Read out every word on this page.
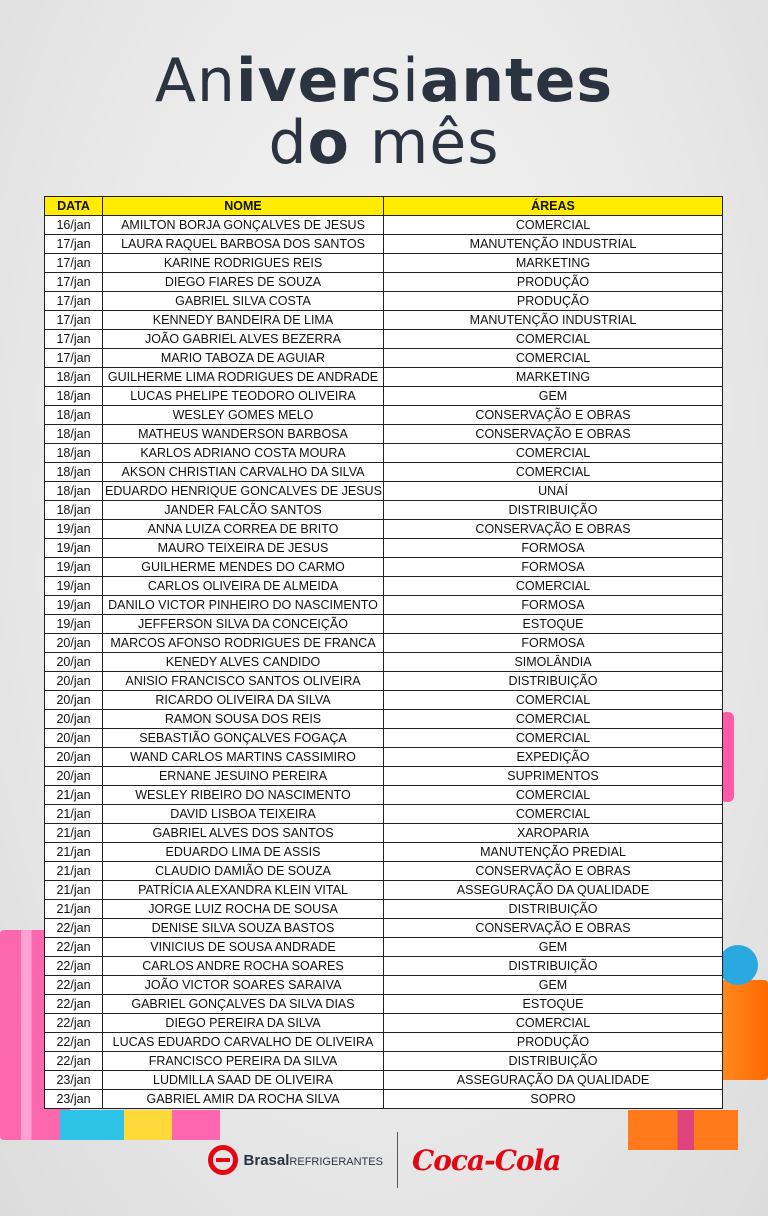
Aniversiantes
do mês
DATA	NOME	ÁREAS
16/jan	AMILTON BORJA GONÇALVES DE JESUS	COMERCIAL
17/jan	LAURA RAQUEL BARBOSA DOS SANTOS	MANUTENÇÃO INDUSTRIAL
17/jan	KARINE RODRIGUES REIS	MARKETING
17/jan	DIEGO FIARES DE SOUZA	PRODUÇÃO
17/jan	GABRIEL SILVA COSTA	PRODUÇÃO
17/jan	KENNEDY BANDEIRA DE LIMA	MANUTENÇÃO INDUSTRIAL
17/jan	JOÃO GABRIEL ALVES BEZERRA	COMERCIAL
17/jan	MARIO TABOZA DE AGUIAR	COMERCIAL
18/jan	GUILHERME LIMA RODRIGUES DE ANDRADE	MARKETING
18/jan	LUCAS PHELIPE TEODORO OLIVEIRA	GEM
18/jan	WESLEY GOMES MELO	CONSERVAÇÃO E OBRAS
18/jan	MATHEUS WANDERSON BARBOSA	CONSERVAÇÃO E OBRAS
18/jan	KARLOS ADRIANO COSTA MOURA	COMERCIAL
18/jan	AKSON CHRISTIAN CARVALHO DA SILVA	COMERCIAL
18/jan	EDUARDO HENRIQUE GONCALVES DE JESUS	UNAÍ
18/jan	JANDER FALCÃO SANTOS	DISTRIBUIÇÃO
19/jan	ANNA LUIZA CORREA DE BRITO	CONSERVAÇÃO E OBRAS
19/jan	MAURO TEIXEIRA DE JESUS	FORMOSA
19/jan	GUILHERME MENDES DO CARMO	FORMOSA
19/jan	CARLOS OLIVEIRA DE ALMEIDA	COMERCIAL
19/jan	DANILO VICTOR PINHEIRO DO NASCIMENTO	FORMOSA
19/jan	JEFFERSON SILVA DA CONCEIÇÃO	ESTOQUE
20/jan	MARCOS AFONSO RODRIGUES DE FRANCA	FORMOSA
20/jan	KENEDY ALVES CANDIDO	SIMOLÂNDIA
20/jan	ANISIO FRANCISCO SANTOS OLIVEIRA	DISTRIBUIÇÃO
20/jan	RICARDO OLIVEIRA DA SILVA	COMERCIAL
20/jan	RAMON SOUSA DOS REIS	COMERCIAL
20/jan	SEBASTIÃO GONÇALVES FOGAÇA	COMERCIAL
20/jan	WAND CARLOS MARTINS CASSIMIRO	EXPEDIÇÃO
20/jan	ERNANE JESUINO PEREIRA	SUPRIMENTOS
21/jan	WESLEY RIBEIRO DO NASCIMENTO	COMERCIAL
21/jan	DAVID LISBOA TEIXEIRA	COMERCIAL
21/jan	GABRIEL ALVES DOS SANTOS	XAROPARIA
21/jan	EDUARDO LIMA DE ASSIS	MANUTENÇÃO PREDIAL
21/jan	CLAUDIO DAMIÃO DE SOUZA	CONSERVAÇÃO E OBRAS
21/jan	PATRÍCIA ALEXANDRA KLEIN VITAL	ASSEGURAÇÃO DA QUALIDADE
21/jan	JORGE LUIZ ROCHA DE SOUSA	DISTRIBUIÇÃO
22/jan	DENISE SILVA SOUZA BASTOS	CONSERVAÇÃO E OBRAS
22/jan	VINICIUS DE SOUSA ANDRADE	GEM
22/jan	CARLOS ANDRE ROCHA SOARES	DISTRIBUIÇÃO
22/jan	JOÃO VICTOR SOARES SARAIVA	GEM
22/jan	GABRIEL GONÇALVES DA SILVA DIAS	ESTOQUE
22/jan	DIEGO PEREIRA DA SILVA	COMERCIAL
22/jan	LUCAS EDUARDO CARVALHO DE OLIVEIRA	PRODUÇÃO
22/jan	FRANCISCO PEREIRA DA SILVA	DISTRIBUIÇÃO
23/jan	LUDMILLA SAAD DE OLIVEIRA	ASSEGURAÇÃO DA QUALIDADE
23/jan	GABRIEL AMIR DA ROCHA SILVA	SOPRO
BrasalREFRIGERANTES Coca-Cola
